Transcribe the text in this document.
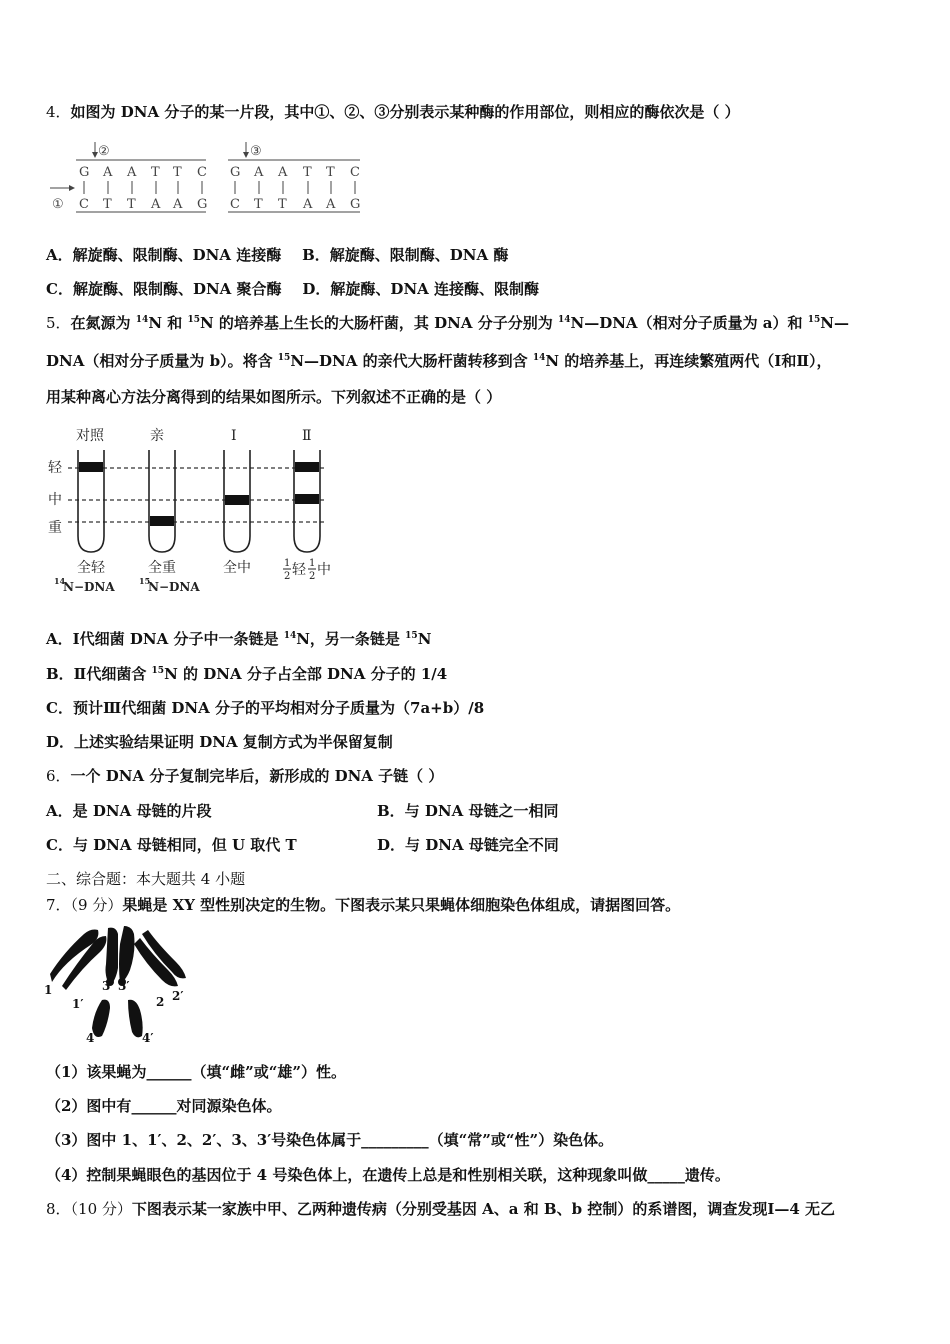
4．如图为 DNA 分子的某一片段，其中①、②、③分别表示某种酶的作用部位，则相应的酶依次是（ ）
②
G A A T T C
C T T A A G
①
③
G A A T T C
C T T A A G
A．解旋酶、限制酶、DNA 连接酶 B．解旋酶、限制酶、DNA 酶
C．解旋酶、限制酶、DNA 聚合酶 D．解旋酶、DNA 连接酶、限制酶
5．在氮源为 $^{14}$N 和 $^{15}$N 的培养基上生长的大肠杆菌，其 DNA 分子分别为 $^{14}$N—DNA（相对分子质量为 a）和 $^{15}$N—
DNA（相对分子质量为 b）。将含 $^{15}$N—DNA 的亲代大肠杆菌转移到含 $^{14}$N 的培养基上，再连续繁殖两代（Ⅰ和Ⅱ），
用某种离心方法分离得到的结果如图所示。下列叙述不正确的是（ ）
对照	亲	Ⅰ	Ⅱ
轻
中
重
全轻	全重	全中	1
2 轻 1
2 中
14
N−DNA	15
N−DNA
A．Ⅰ代细菌 DNA 分子中一条链是 $^{14}$N，另一条链是 $^{15}$N
B．Ⅱ代细菌含 $^{15}$N 的 DNA 分子占全部 DNA 分子的 1/4
C．预计Ⅲ代细菌 DNA 分子的平均相对分子质量为（7a+b）/8
D．上述实验结果证明 DNA 复制方式为半保留复制
6．一个 DNA 分子复制完毕后，新形成的 DNA 子链（ ）
A．是 DNA 母链的片段	B．与 DNA 母链之一相同
C．与 DNA 母链相同，但 U 取代 T	D．与 DNA 母链完全不同
二、综合题：本大题共 4 小题
7．（9 分）果蝇是 XY 型性别决定的生物。下图表示某只果蝇体细胞染色体组成，请据图回答。
1
1′
3 3′
2 2′
4	4′
（1）该果蝇为______（填“雌”或“雄”）性。
（2）图中有______对同源染色体。
（3）图中 1、1′、2、2′、3、3′号染色体属于_________（填“常”或“性”）染色体。
（4）控制果蝇眼色的基因位于 4 号染色体上，在遗传上总是和性别相关联，这种现象叫做_____遗传。
8．（10 分）下图表示某一家族中甲、乙两种遗传病（分别受基因 A、a 和 B、b 控制）的系谱图，调查发现Ⅰ—4 无乙
